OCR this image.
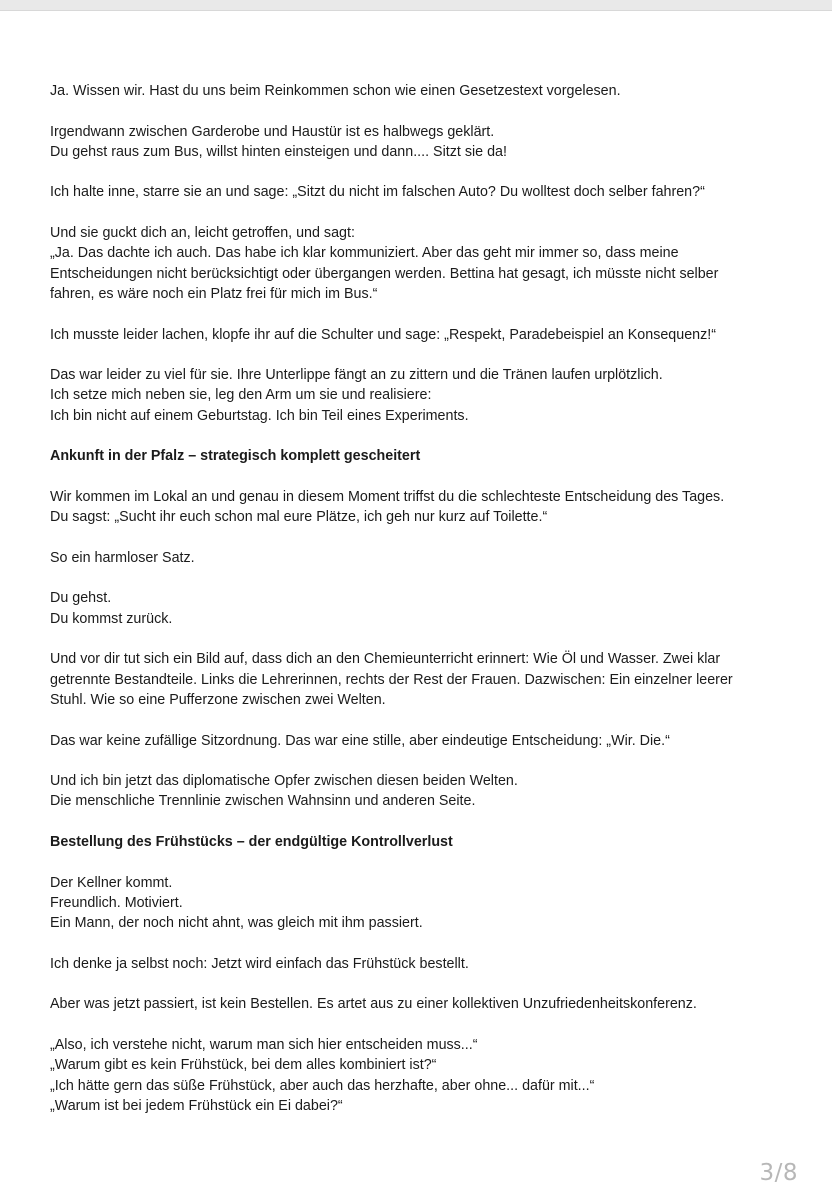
Ja. Wissen wir. Hast du uns beim Reinkommen schon wie einen Gesetzestext vorgelesen.

Irgendwann zwischen Garderobe und Haustür ist es halbwegs geklärt.
Du gehst raus zum Bus, willst hinten einsteigen und dann.... Sitzt sie da!

Ich halte inne, starre sie an und sage: „Sitzt du nicht im falschen Auto? Du wolltest doch selber fahren?“

Und sie guckt dich an, leicht getroffen, und sagt:
„Ja. Das dachte ich auch. Das habe ich klar kommuniziert. Aber das geht mir immer so, dass meine
Entscheidungen nicht berücksichtigt oder übergangen werden. Bettina hat gesagt, ich müsste nicht selber
fahren, es wäre noch ein Platz frei für mich im Bus.“

Ich musste leider lachen, klopfe ihr auf die Schulter und sage: „Respekt, Paradebeispiel an Konsequenz!“

Das war leider zu viel für sie. Ihre Unterlippe fängt an zu zittern und die Tränen laufen urplötzlich.
Ich setze mich neben sie, leg den Arm um sie und realisiere:
Ich bin nicht auf einem Geburtstag. Ich bin Teil eines Experiments.

Ankunft in der Pfalz – strategisch komplett gescheitert

Wir kommen im Lokal an und genau in diesem Moment triffst du die schlechteste Entscheidung des Tages.
Du sagst: „Sucht ihr euch schon mal eure Plätze, ich geh nur kurz auf Toilette.“

So ein harmloser Satz.

Du gehst.
Du kommst zurück.

Und vor dir tut sich ein Bild auf, dass dich an den Chemieunterricht erinnert: Wie Öl und Wasser. Zwei klar
getrennte Bestandteile. Links die Lehrerinnen, rechts der Rest der Frauen. Dazwischen: Ein einzelner leerer
Stuhl. Wie so eine Pufferzone zwischen zwei Welten.

Das war keine zufällige Sitzordnung. Das war eine stille, aber eindeutige Entscheidung: „Wir. Die.“

Und ich bin jetzt das diplomatische Opfer zwischen diesen beiden Welten.
Die menschliche Trennlinie zwischen Wahnsinn und anderen Seite.

Bestellung des Frühstücks – der endgültige Kontrollverlust

Der Kellner kommt.
Freundlich. Motiviert.
Ein Mann, der noch nicht ahnt, was gleich mit ihm passiert.

Ich denke ja selbst noch: Jetzt wird einfach das Frühstück bestellt.

Aber was jetzt passiert, ist kein Bestellen. Es artet aus zu einer kollektiven Unzufriedenheitskonferenz.

„Also, ich verstehe nicht, warum man sich hier entscheiden muss...“
„Warum gibt es kein Frühstück, bei dem alles kombiniert ist?“
„Ich hätte gern das süße Frühstück, aber auch das herzhafte, aber ohne... dafür mit...“
„Warum ist bei jedem Frühstück ein Ei dabei?“

3/8
